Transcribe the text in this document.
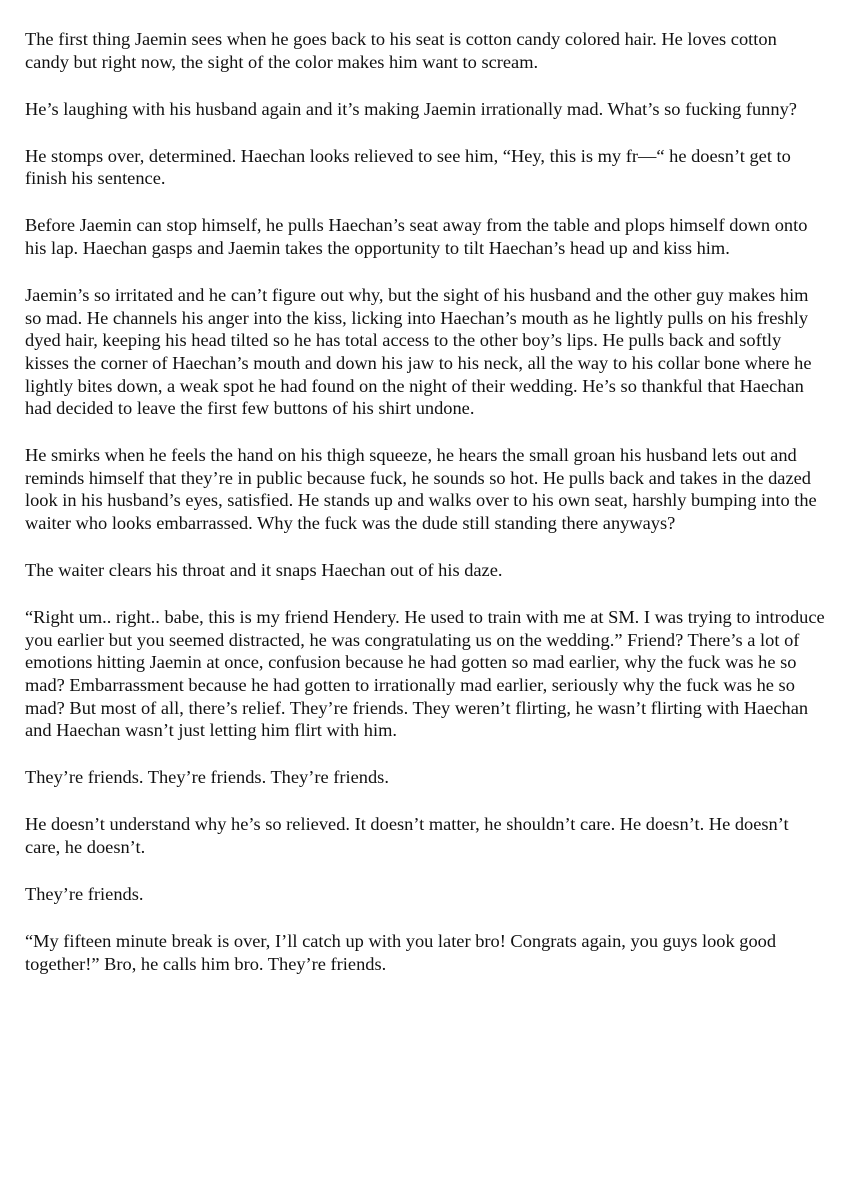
The first thing Jaemin sees when he goes back to his seat is cotton candy colored hair. He loves cotton candy but right now, the sight of the color makes him want to scream.

He’s laughing with his husband again and it’s making Jaemin irrationally mad. What’s so fucking funny?

He stomps over, determined. Haechan looks relieved to see him, “Hey, this is my fr—“ he doesn’t get to finish his sentence.

Before Jaemin can stop himself, he pulls Haechan’s seat away from the table and plops himself down onto his lap. Haechan gasps and Jaemin takes the opportunity to tilt Haechan’s head up and kiss him.

Jaemin’s so irritated and he can’t figure out why, but the sight of his husband and the other guy makes him so mad. He channels his anger into the kiss, licking into Haechan’s mouth as he lightly pulls on his freshly dyed hair, keeping his head tilted so he has total access to the other boy’s lips. He pulls back and softly kisses the corner of Haechan’s mouth and down his jaw to his neck, all the way to his collar bone where he lightly bites down, a weak spot he had found on the night of their wedding. He’s so thankful that Haechan had decided to leave the first few buttons of his shirt undone.

He smirks when he feels the hand on his thigh squeeze, he hears the small groan his husband lets out and reminds himself that they’re in public because fuck, he sounds so hot. He pulls back and takes in the dazed look in his husband’s eyes, satisfied. He stands up and walks over to his own seat, harshly bumping into the waiter who looks embarrassed. Why the fuck was the dude still standing there anyways?

The waiter clears his throat and it snaps Haechan out of his daze.

“Right um.. right.. babe, this is my friend Hendery. He used to train with me at SM. I was trying to introduce you earlier but you seemed distracted, he was congratulating us on the wedding.” Friend? There’s a lot of emotions hitting Jaemin at once, confusion because he had gotten so mad earlier, why the fuck was he so mad? Embarrassment because he had gotten to irrationally mad earlier, seriously why the fuck was he so mad? But most of all, there’s relief. They’re friends. They weren’t flirting, he wasn’t flirting with Haechan and Haechan wasn’t just letting him flirt with him.

They’re friends. They’re friends. They’re friends.

He doesn’t understand why he’s so relieved. It doesn’t matter, he shouldn’t care. He doesn’t. He doesn’t care, he doesn’t.

They’re friends.

“My fifteen minute break is over, I’ll catch up with you later bro! Congrats again, you guys look good together!” Bro, he calls him bro. They’re friends.
